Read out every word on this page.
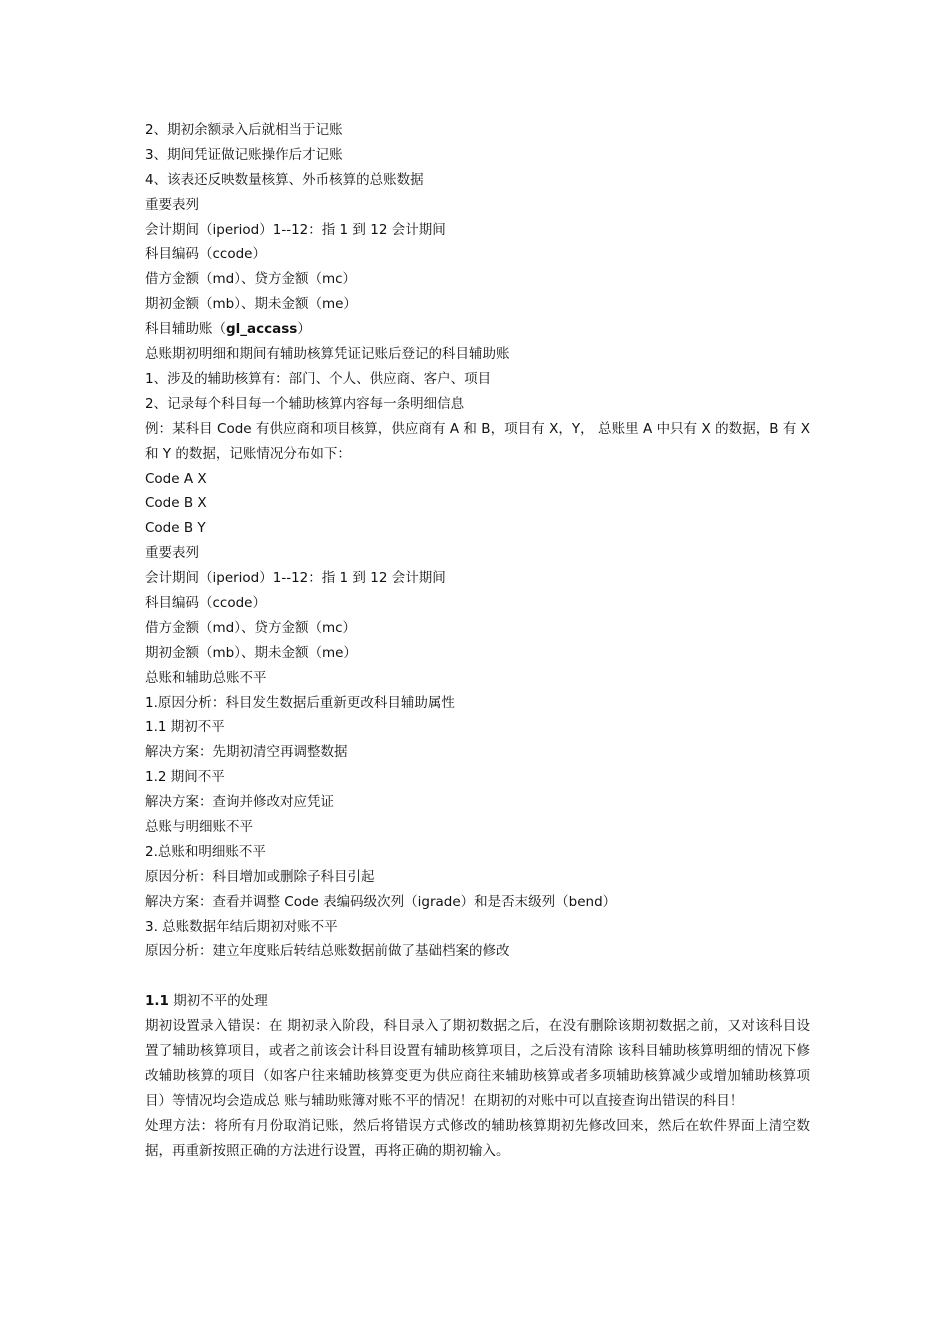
2、期初余额录入后就相当于记账
3、期间凭证做记账操作后才记账
4、该表还反映数量核算、外币核算的总账数据
重要表列
会计期间（iperiod）1--12：指 1 到 12 会计期间
科目编码（ccode）
借方金额（md）、贷方金额（mc）
期初金额（mb）、期未金额（me）
科目辅助账（gl_accass）
总账期初明细和期间有辅助核算凭证记账后登记的科目辅助账
1、涉及的辅助核算有：部门、个人、供应商、客户、项目
2、记录每个科目每一个辅助核算内容每一条明细信息
例：某科目 Code 有供应商和项目核算，供应商有 A 和 B，项目有 X，Y， 总账里 A 中只有 X 的数据，B 有 X 和 Y 的数据，记账情况分布如下：
Code A X
Code B X
Code B Y
重要表列
会计期间（iperiod）1--12：指 1 到 12 会计期间
科目编码（ccode）
借方金额（md）、贷方金额（mc）
期初金额（mb）、期未金额（me）
总账和辅助总账不平
1.原因分析：科目发生数据后重新更改科目辅助属性
1.1 期初不平
解决方案：先期初清空再调整数据
1.2 期间不平
解决方案：查询并修改对应凭证
总账与明细账不平
2.总账和明细账不平
原因分析：科目增加或删除子科目引起
解决方案：查看并调整 Code 表编码级次列（igrade）和是否末级列（bend）
3. 总账数据年结后期初对账不平
原因分析：建立年度账后转结总账数据前做了基础档案的修改
1.1 期初不平的处理
期初设置录入错误：在 期初录入阶段，科目录入了期初数据之后，在没有删除该期初数据之前，又对该科目设置了辅助核算项目，或者之前该会计科目设置有辅助核算项目，之后没有清除 该科目辅助核算明细的情况下修改辅助核算的项目（如客户往来辅助核算变更为供应商往来辅助核算或者多项辅助核算减少或增加辅助核算项目）等情况均会造成总 账与辅助账簿对账不平的情况！在期初的对账中可以直接查询出错误的科目！
处理方法：将所有月份取消记账，然后将错误方式修改的辅助核算期初先修改回来，然后在软件界面上清空数据，再重新按照正确的方法进行设置，再将正确的期初输入。
